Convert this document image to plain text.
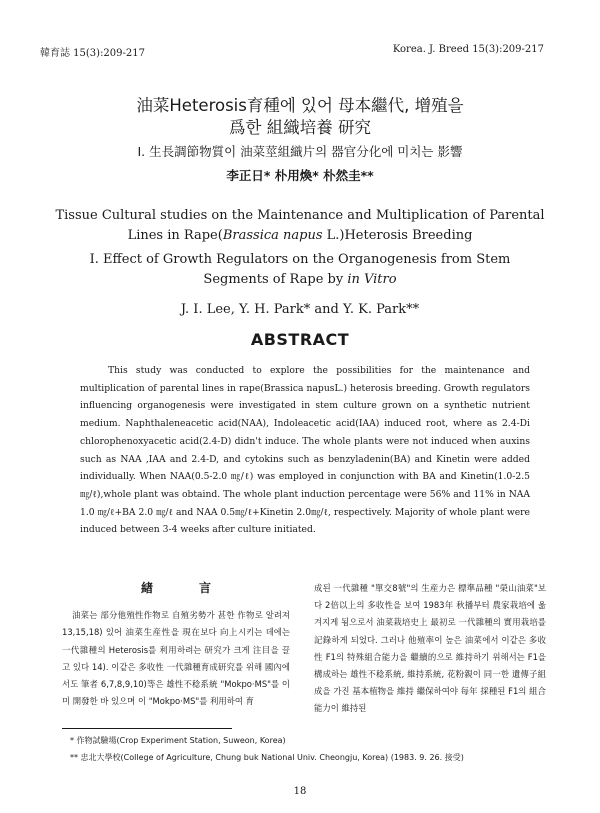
韓育誌 15(3):209-217	Korea. J. Breed 15(3):209-217
油菜Heterosis育種에 있어 母本繼代, 增殖을
爲한 組織培養 研究
I. 生長調節物質이 油菜莖組織片의 器官分化에 미치는 影響
李正日* 朴用煥* 朴然圭**
Tissue Cultural studies on the Maintenance and Multiplication of Parental
Lines in Rape(Brassica napus L.)Heterosis Breeding
I. Effect of Growth Regulators on the Organogenesis from Stem
Segments of Rape by in Vitro
J. I. Lee, Y. H. Park* and Y. K. Park**
ABSTRACT

This study was conducted to explore the possibilities for the maintenance and multiplication of parental lines in rape(Brassica napusL.) heterosis breeding. Growth regulators influencing organogenesis were investigated in stem culture grown on a synthetic nutrient medium. Naphthaleneacetic acid(NAA), Indoleacetic acid(IAA) induced root, where as 2.4-Di chlorophenoxyacetic acid(2.4-D) didn't induce. The whole plants were not induced when auxins such as NAA ,IAA and 2.4-D, and cytokins such as benzyladenin(BA) and Kinetin were added individually. When NAA(0.5-2.0 ㎎/ℓ) was employed in conjunction with BA and Kinetin(1.0-2.5 ㎎/ℓ),whole plant was obtaind. The whole plant induction percentage were 56% and 11% in NAA 1.0 ㎎/ℓ+BA 2.0 ㎎/ℓ and NAA 0.5㎎/ℓ+Kinetin 2.0㎎/ℓ, respectively. Majority of whole plant were induced between 3-4 weeks after culture initiated.

緖言

油菜는 部分他殖性作物로 自殖劣勢가 甚한 作物로 알려져 13,15,18) 있어 油菜生産性을 現在보다 向上시키는 데에는 一代雜種의 Heterosis를 利用하려는 研究가 크게 注目을 끌고 있다 14). 이같은 多收性 一代雜種育成研究를 위해 國內에서도 筆者 6,7,8,9,10)等은 雄性不稔系統 "Mokpo·MS"를 이미 開發한 바 있으며 이 "Mokpo·MS"를 利用하여 育

成된 一代雜種 "單交8號"의 生産力은 標準品種 "榮山油菜"보다 2倍以上의 多收性을 보여 1983年 秋播부터 農家栽培에 옮겨지게 됨으로서 油菜栽培史上 最初로 一代雜種의 實用栽培를 記錄하게 되었다. 그러나 他殖率이 높은 油菜에서 이같은 多收性 F1의 特殊組合能力을 繼續的으로 維持하기 위해서는 F1을 構成하는 雄性不稔系統, 維持系統, 花粉親이 同一한 遺傳子組成을 가진 基本植物을 維持 繼保하여야 每年 採種된 F1의 組合能力이 維持된

* 作物試驗場(Crop Experiment Station, Suweon, Korea)
** 忠北大學校(College of Agriculture, Chung buk National Univ. Cheongju, Korea) (1983. 9. 26. 接受)
18
